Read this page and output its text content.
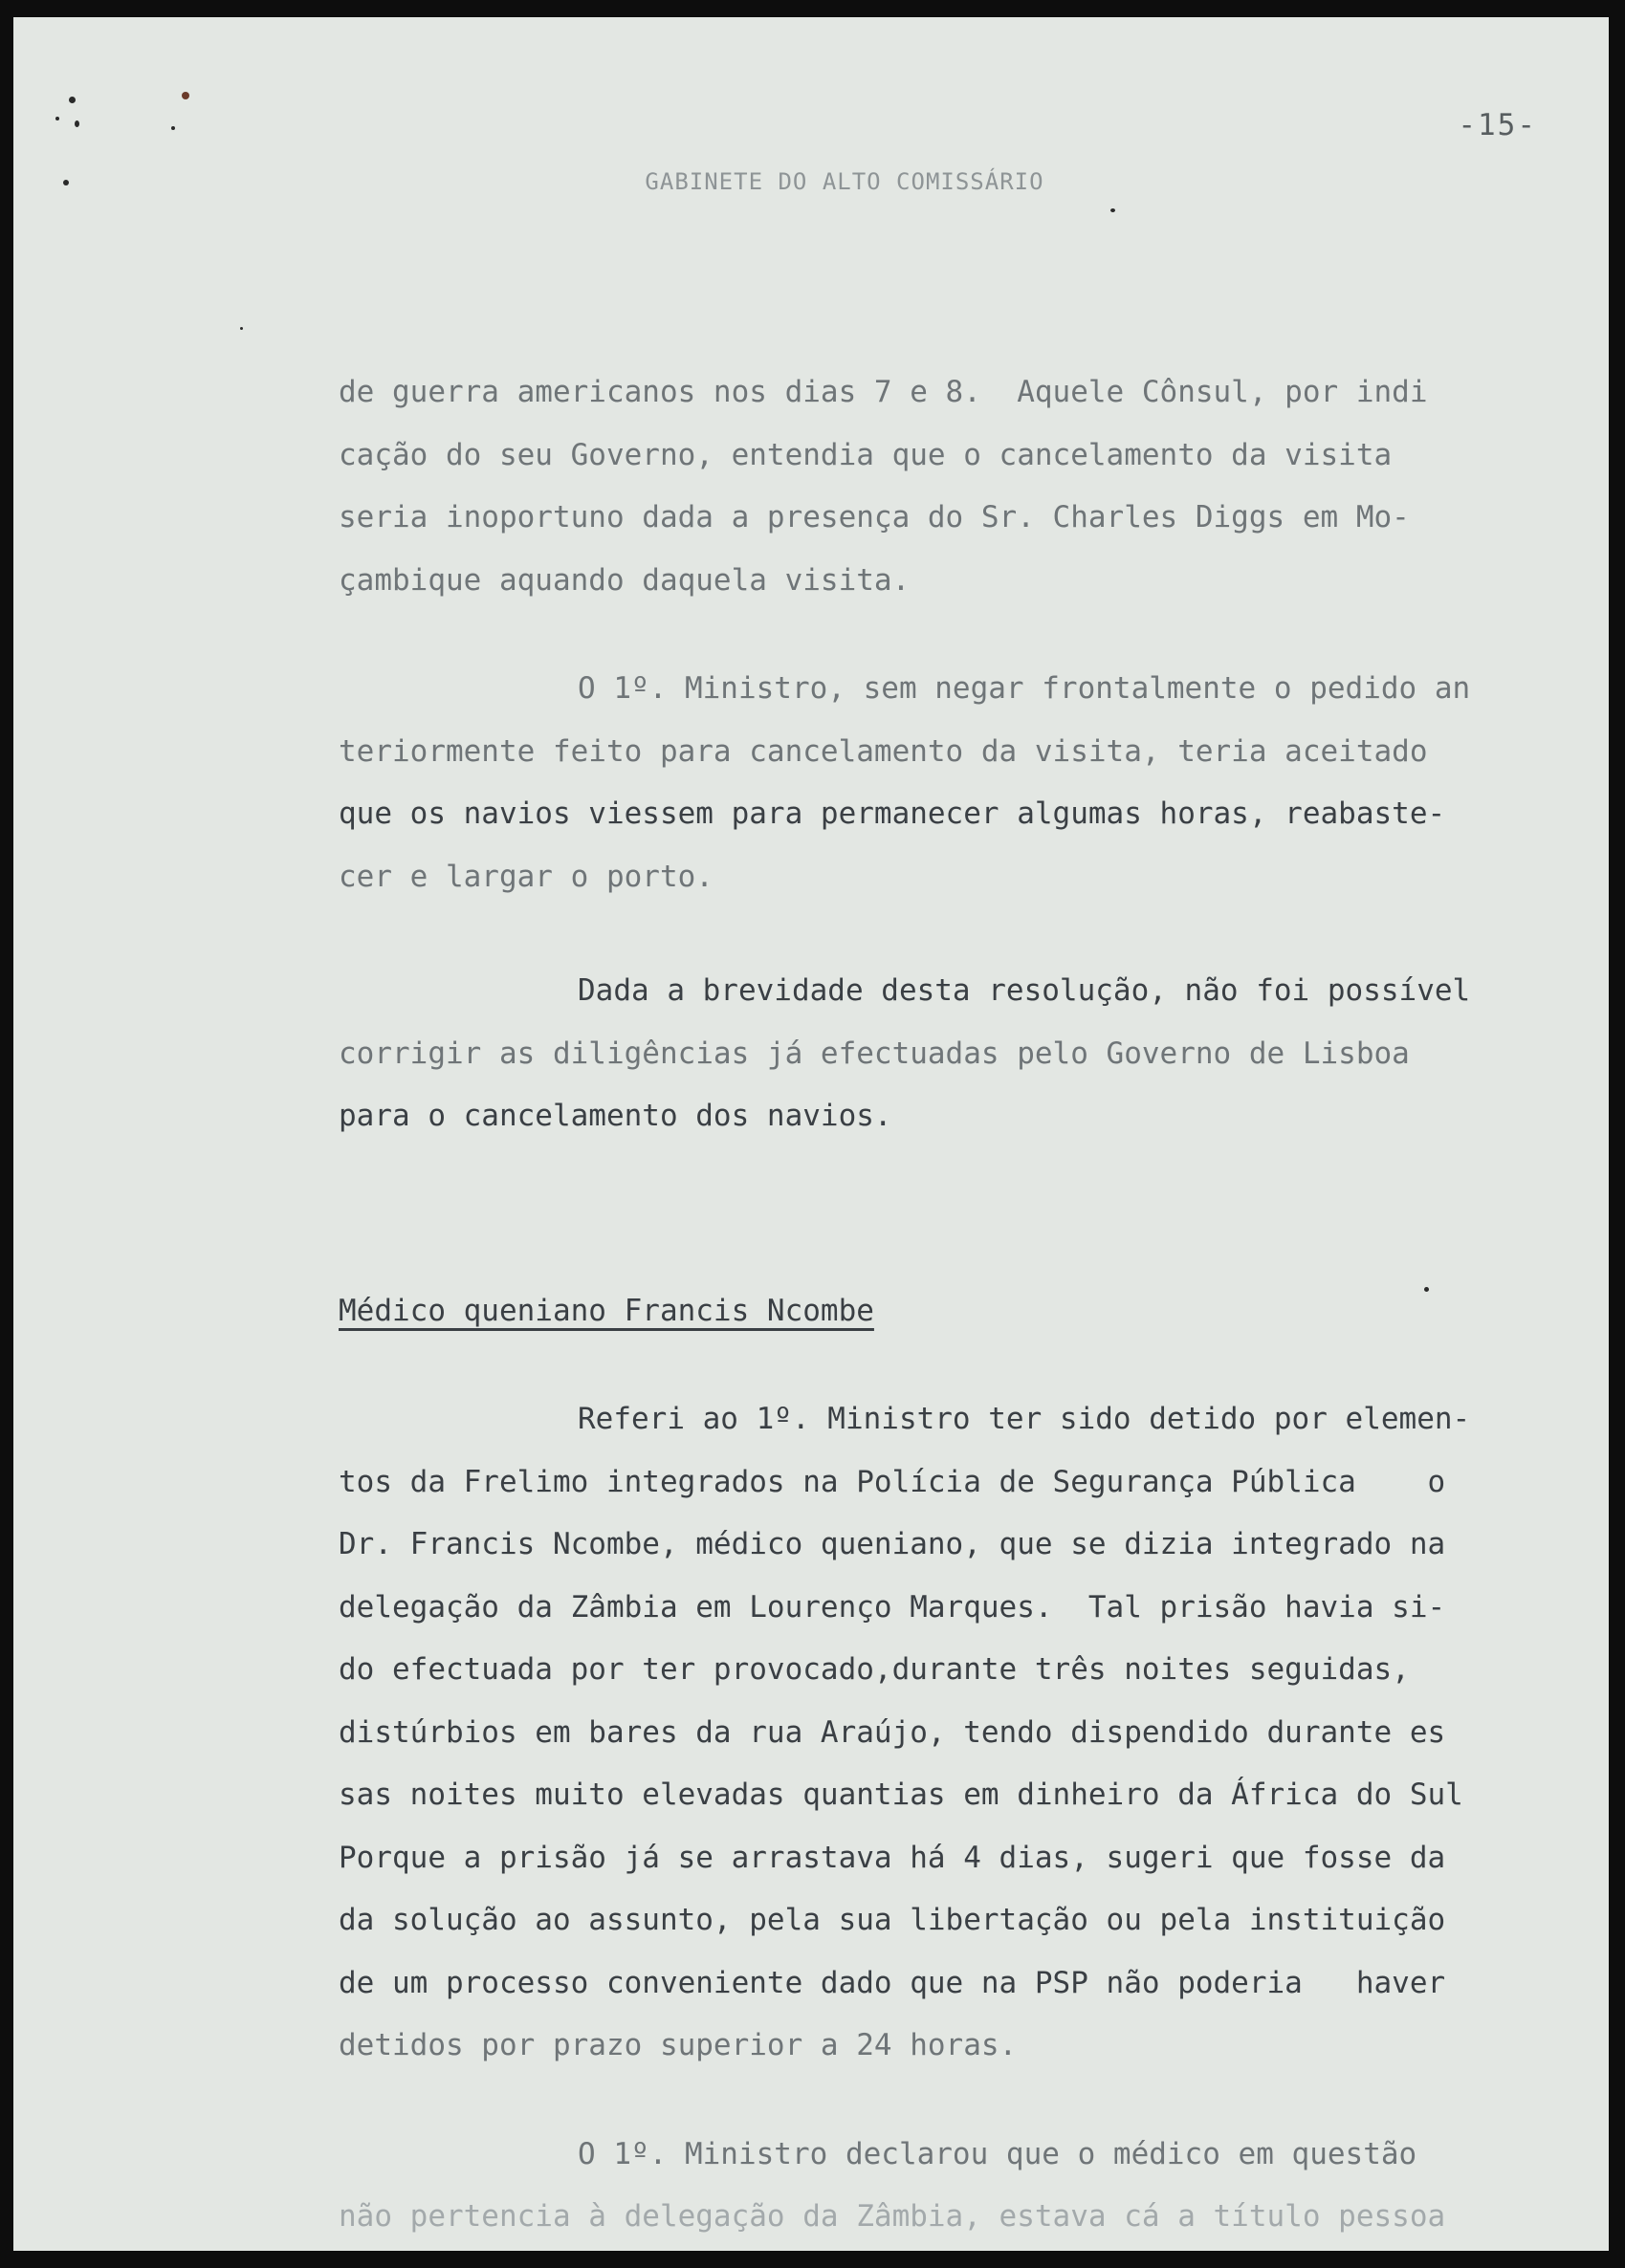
-15-
GABINETE DO ALTO COMISSÁRIO
de guerra americanos nos dias 7 e 8.  Aquele Cônsul, por indi
cação do seu Governo, entendia que o cancelamento da visita
seria inoportuno dada a presença do Sr. Charles Diggs em Mo-
çambique aquando daquela visita.
O 1º. Ministro, sem negar frontalmente o pedido an
teriormente feito para cancelamento da visita, teria aceitado
que os navios viessem para permanecer algumas horas, reabaste-
cer e largar o porto.
Dada a brevidade desta resolução, não foi possível
corrigir as diligências já efectuadas pelo Governo de Lisboa
para o cancelamento dos navios.
Médico queniano Francis Ncombe
Referi ao 1º. Ministro ter sido detido por elemen-
tos da Frelimo integrados na Polícia de Segurança Pública    o
Dr. Francis Ncombe, médico queniano, que se dizia integrado na
delegação da Zâmbia em Lourenço Marques.  Tal prisão havia si-
do efectuada por ter provocado,durante três noites seguidas,
distúrbios em bares da rua Araújo, tendo dispendido durante es
sas noites muito elevadas quantias em dinheiro da África do Sul
Porque a prisão já se arrastava há 4 dias, sugeri que fosse da
da solução ao assunto, pela sua libertação ou pela instituição
de um processo conveniente dado que na PSP não poderia   haver
detidos por prazo superior a 24 horas.
O 1º. Ministro declarou que o médico em questão
não pertencia à delegação da Zâmbia, estava cá a título pessoa
